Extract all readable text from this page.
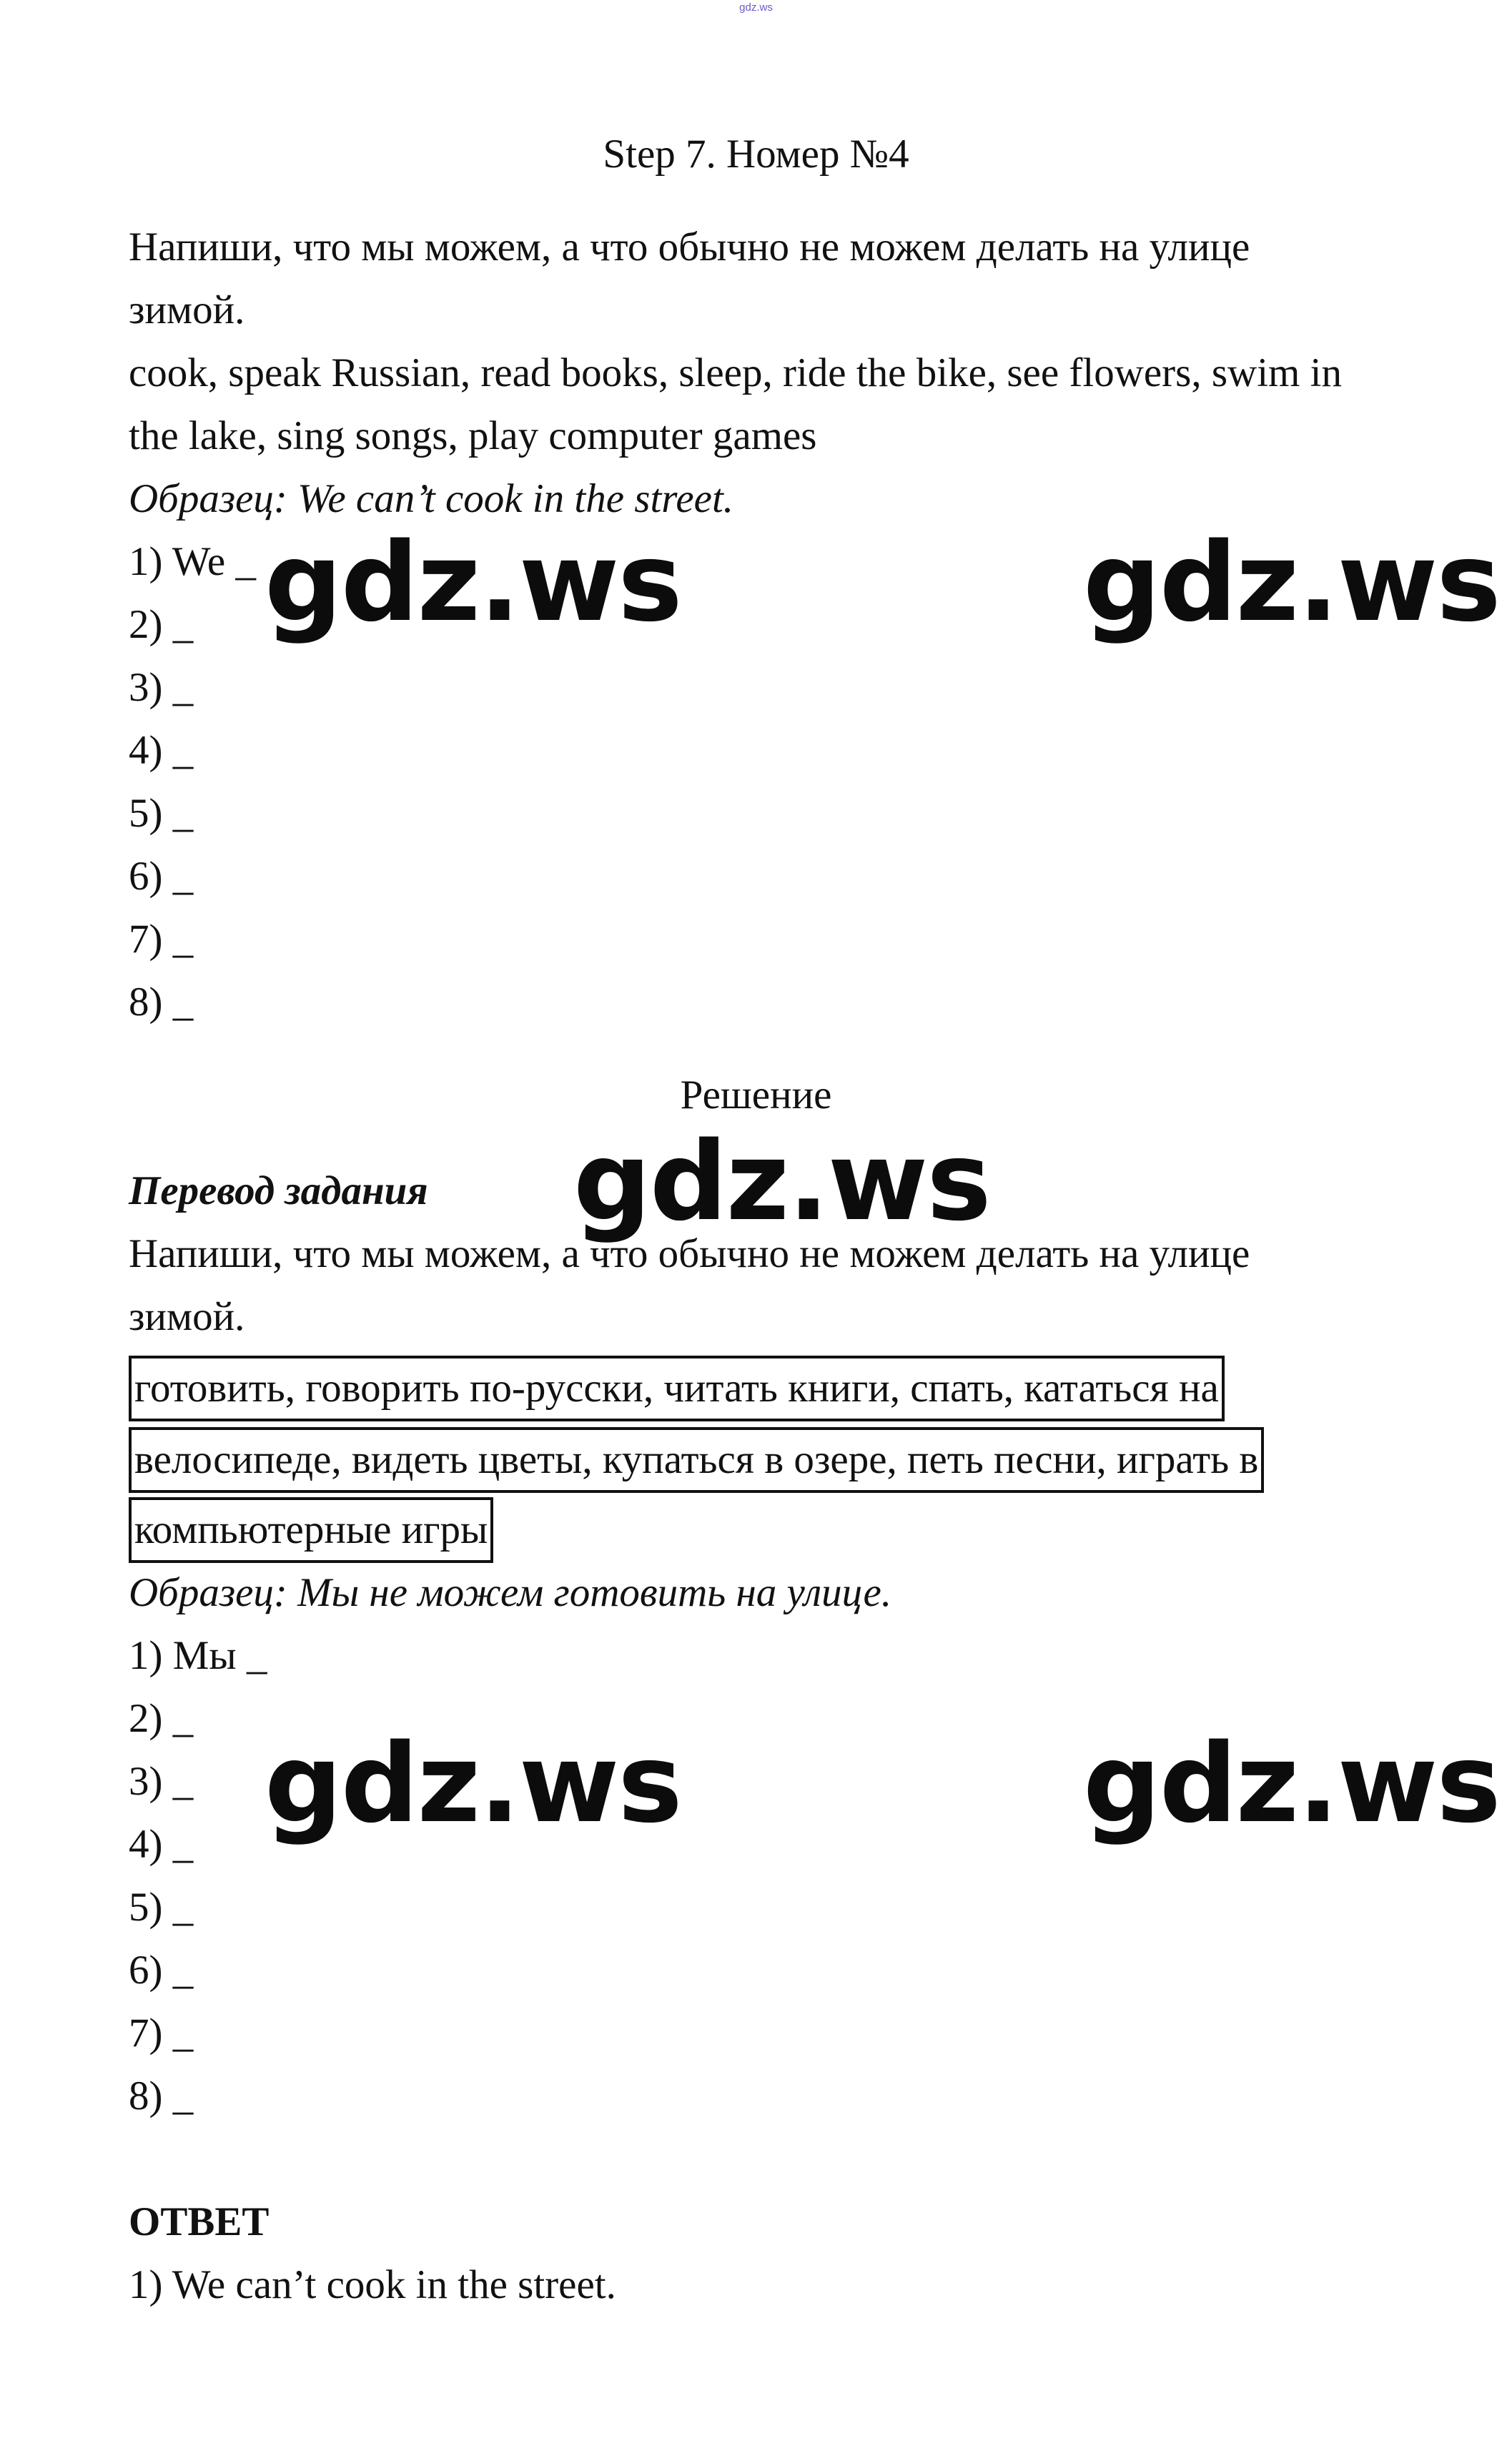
gdz.ws
Step 7. Номер №4
Напиши, что мы можем, а что обычно не можем делать на улице
зимой.
cook, speak Russian, read books, sleep, ride the bike, see flowers, swim in
the lake, sing songs, play computer games
Образец: We can’t cook in the street.
1) We _
2) _
3) _
4) _
5) _
6) _
7) _
8) _
Решение
Перевод задания
Напиши, что мы можем, а что обычно не можем делать на улице
зимой.
готовить, говорить по-русски, читать книги, спать, кататься на
велосипеде, видеть цветы, купаться в озере, петь песни, играть в
компьютерные игры
Образец: Мы не можем готовить на улице.
1) Мы _
2) _
3) _
4) _
5) _
6) _
7) _
8) _
ОТВЕТ
1) We can’t cook in the street.
gdz.ws	gdz.ws
gdz.ws
gdz.ws	gdz.ws
